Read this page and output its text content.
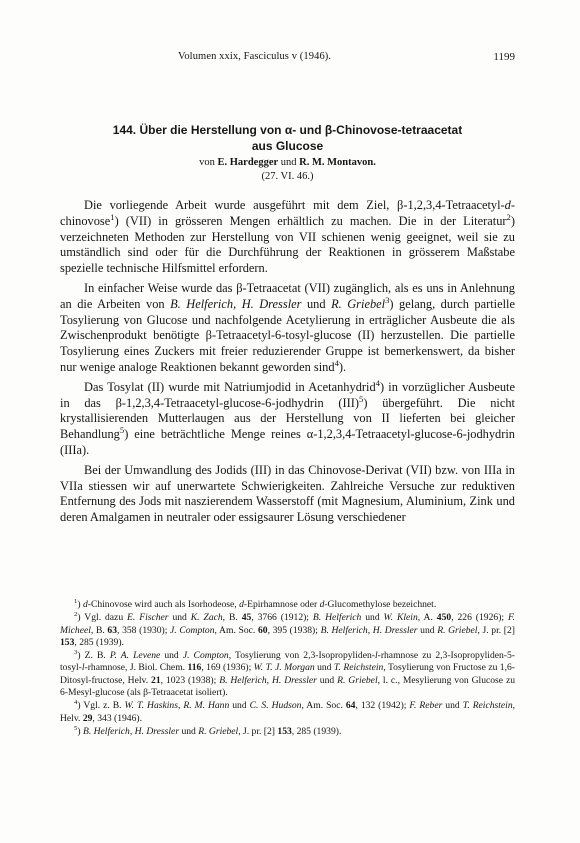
Volumen xxix, Fasciculus v (1946).	1199
144. Über die Herstellung von α- und β-Chinovose-tetraacetat
aus Glucose
von E. Hardegger und R. M. Montavon.
(27. VI. 46.)

Die vorliegende Arbeit wurde ausgeführt mit dem Ziel, β-1,2,3,4-Tetraacetyl-d-chinovose$^1$) (VII) in grösseren Mengen erhältlich zu machen. Die in der Literatur$^2$) verzeichneten Methoden zur Herstellung von VII schienen wenig geeignet, weil sie zu umständlich sind oder für die Durchführung der Reaktionen in grösserem Maßstabe spezielle technische Hilfsmittel erfordern.

In einfacher Weise wurde das β-Tetraacetat (VII) zugänglich, als es uns in Anlehnung an die Arbeiten von B. Helferich, H. Dressler und R. Griebel$^3$) gelang, durch partielle Tosylierung von Glucose und nachfolgende Acetylierung in erträglicher Ausbeute die als Zwischenprodukt benötigte β-Tetraacetyl-6-tosyl-glucose (II) herzustellen. Die partielle Tosylierung eines Zuckers mit freier reduzierender Gruppe ist bemerkenswert, da bisher nur wenige analoge Reaktionen bekannt geworden sind$^4$).

Das Tosylat (II) wurde mit Natriumjodid in Acetanhydrid$^4$) in vorzüglicher Ausbeute in das β-1,2,3,4-Tetraacetyl-glucose-6-jodhydrin (III)$^5$) übergeführt. Die nicht krystallisierenden Mutterlaugen aus der Herstellung von II lieferten bei gleicher Behandlung$^5$) eine beträchtliche Menge reines α-1,2,3,4-Tetraacetyl-glucose-6-jodhydrin (IIIa).

Bei der Umwandlung des Jodids (III) in das Chinovose-Derivat (VII) bzw. von IIIa in VIIa stiessen wir auf unerwartete Schwierigkeiten. Zahlreiche Versuche zur reduktiven Entfernung des Jods mit naszierendem Wasserstoff (mit Magnesium, Aluminium, Zink und deren Amalgamen in neutraler oder essigsaurer Lösung verschiedener

$^1$) d-Chinovose wird auch als Isorhodeose, d-Epirhamnose oder d-Glucomethylose bezeichnet.

$^2$) Vgl. dazu E. Fischer und K. Zach, B. 45, 3766 (1912); B. Helferich und W. Klein, A. 450, 226 (1926); F. Micheel, B. 63, 358 (1930); J. Compton, Am. Soc. 60, 395 (1938); B. Helferich, H. Dressler und R. Griebel, J. pr. [2] 153, 285 (1939).

$^3$) Z. B. P. A. Levene und J. Compton, Tosylierung von 2,3-Isopropyliden-l-rhamnose zu 2,3-Isopropyliden-5-tosyl-l-rhamnose, J. Biol. Chem. 116, 169 (1936); W. T. J. Morgan und T. Reichstein, Tosylierung von Fructose zu 1,6-Ditosyl-fructose, Helv. 21, 1023 (1938); B. Helferich, H. Dressler und R. Griebel, l. c., Mesylierung von Glucose zu 6-Mesyl-glucose (als β-Tetraacetat isoliert).

$^4$) Vgl. z. B. W. T. Haskins, R. M. Hann und C. S. Hudson, Am. Soc. 64, 132 (1942); F. Reber und T. Reichstein, Helv. 29, 343 (1946).

$^5$) B. Helferich, H. Dressler und R. Griebel, J. pr. [2] 153, 285 (1939).
